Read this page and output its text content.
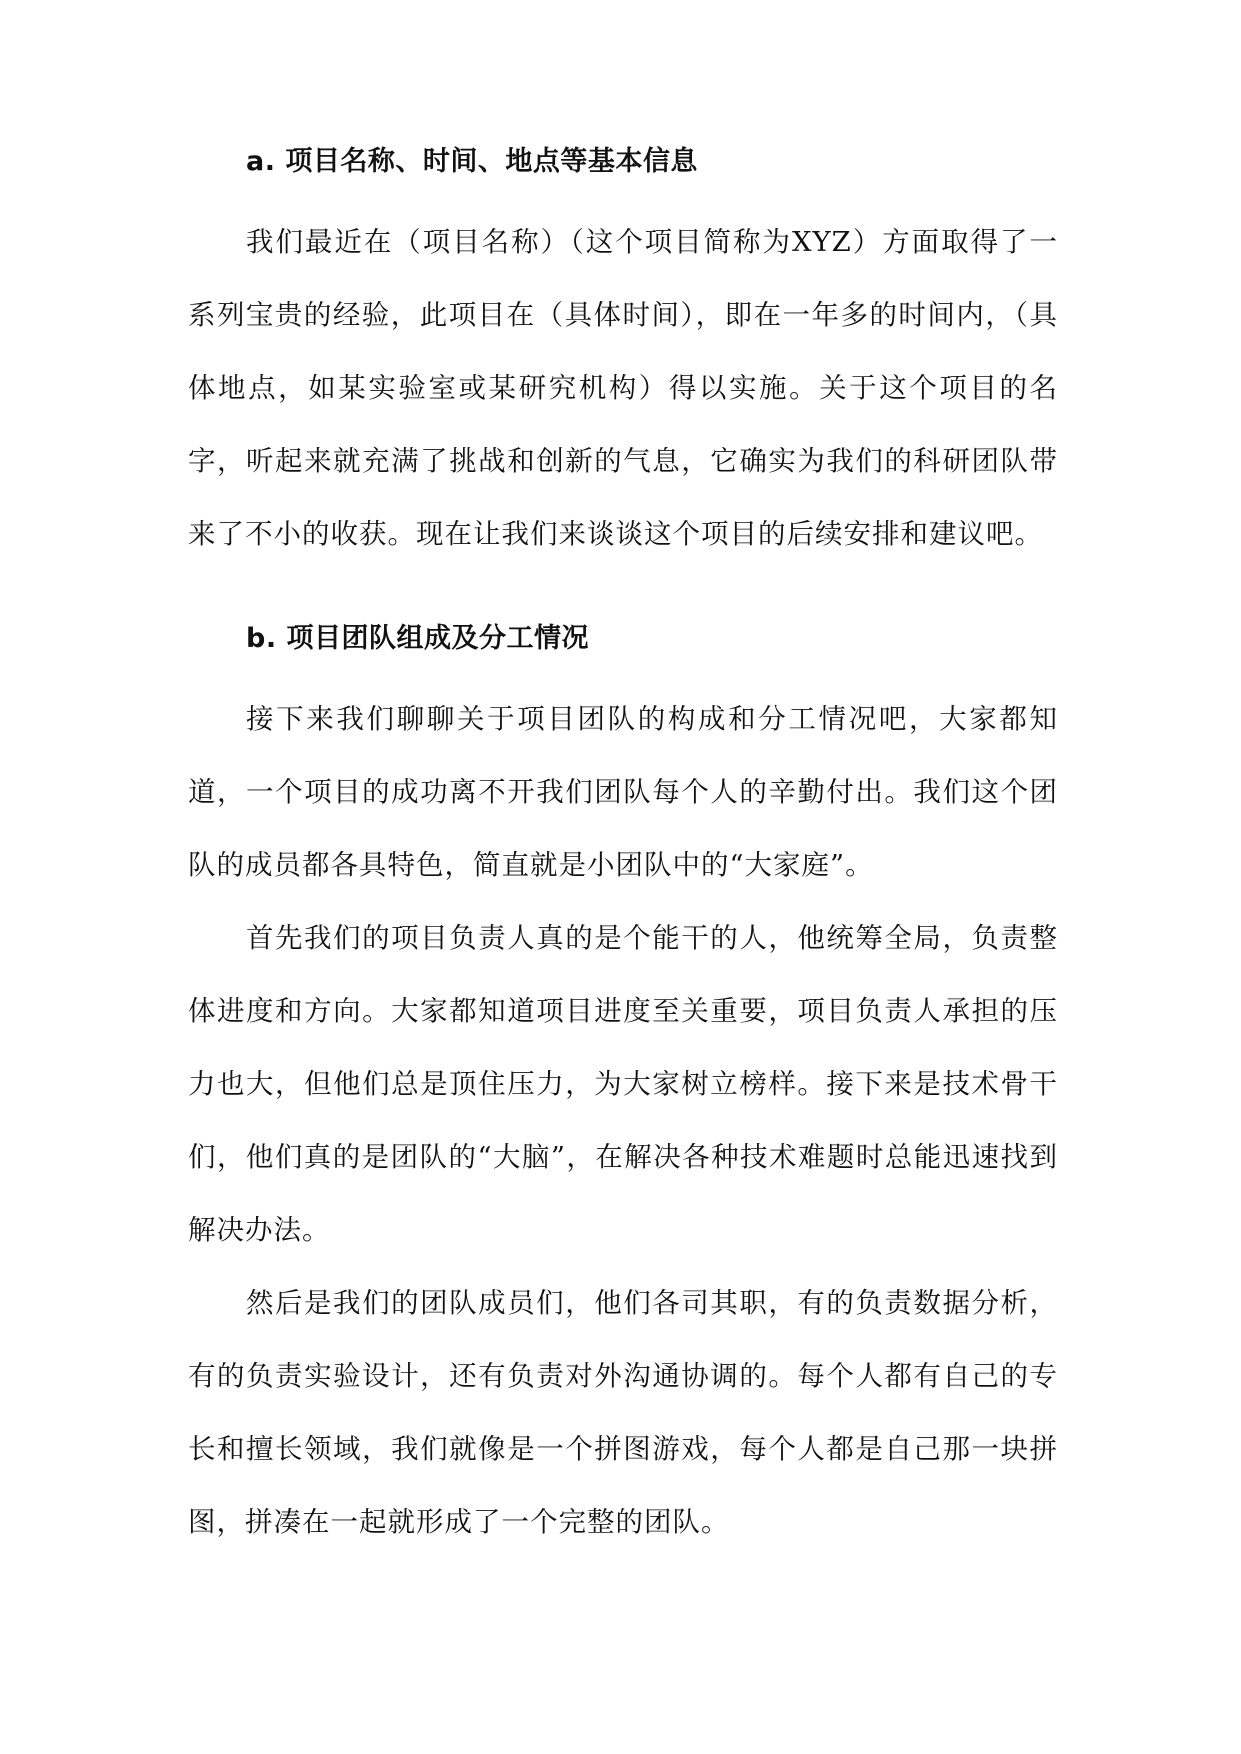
a. 项目名称、时间、地点等基本信息

我们最近在（项目名称）（这个项目简称为XYZ）方面取得了一系列宝贵的经验，此项目在（具体时间），即在一年多的时间内，（具体地点，如某实验室或某研究机构）得以实施。关于这个项目的名字，听起来就充满了挑战和创新的气息，它确实为我们的科研团队带来了不小的收获。现在让我们来谈谈这个项目的后续安排和建议吧。

b. 项目团队组成及分工情况

接下来我们聊聊关于项目团队的构成和分工情况吧，大家都知道，一个项目的成功离不开我们团队每个人的辛勤付出。我们这个团队的成员都各具特色，简直就是小团队中的“大家庭”。

首先我们的项目负责人真的是个能干的人，他统筹全局，负责整体进度和方向。大家都知道项目进度至关重要，项目负责人承担的压力也大，但他们总是顶住压力，为大家树立榜样。接下来是技术骨干们，他们真的是团队的“大脑”，在解决各种技术难题时总能迅速找到解决办法。

然后是我们的团队成员们，他们各司其职，有的负责数据分析，有的负责实验设计，还有负责对外沟通协调的。每个人都有自己的专长和擅长领域，我们就像是一个拼图游戏，每个人都是自己那一块拼图，拼凑在一起就形成了一个完整的团队。
